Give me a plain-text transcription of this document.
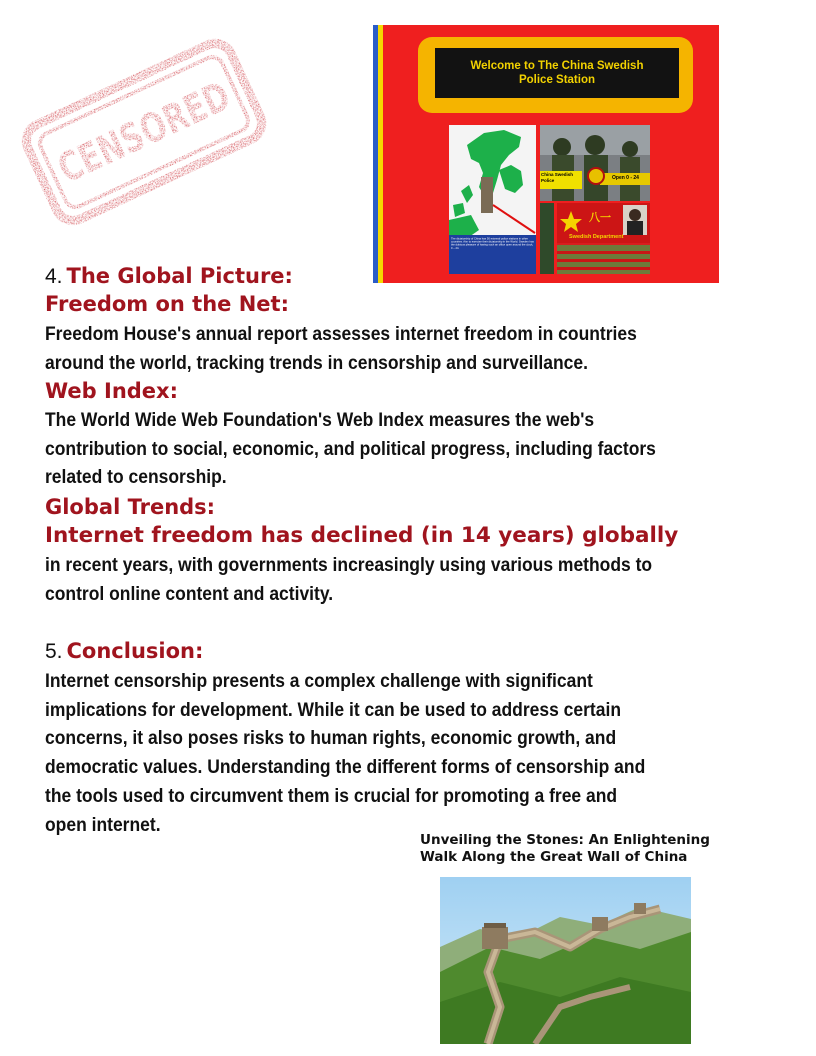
CENSORED	Welcome to The China Swedish
Police Station
The dictatorship of China has 50 external police stations in other countries. Aim to exercise their dictatorship in the World. Sweden has the dubious pleasure of having such an office open around the clock, 0 – 24.
China Swedish Police	Open 0 - 24
八一
Swedish Department
4. The Global Picture:
Freedom on the Net:
Freedom House's annual report assesses internet freedom in countries
around the world, tracking trends in censorship and surveillance.
Web Index:
The World Wide Web Foundation's Web Index measures the web's
contribution to social, economic, and political progress, including factors
related to censorship.
Global Trends:
Internet freedom has declined (in 14 years) globally
in recent years, with governments increasingly using various methods to
control online content and activity.
5. Conclusion:
Internet censorship presents a complex challenge with significant
implications for development. While it can be used to address certain
concerns, it also poses risks to human rights, economic growth, and
democratic values. Understanding the different forms of censorship and
the tools used to circumvent them is crucial for promoting a free and
open internet.
Unveiling the Stones: An Enlightening
Walk Along the Great Wall of China
